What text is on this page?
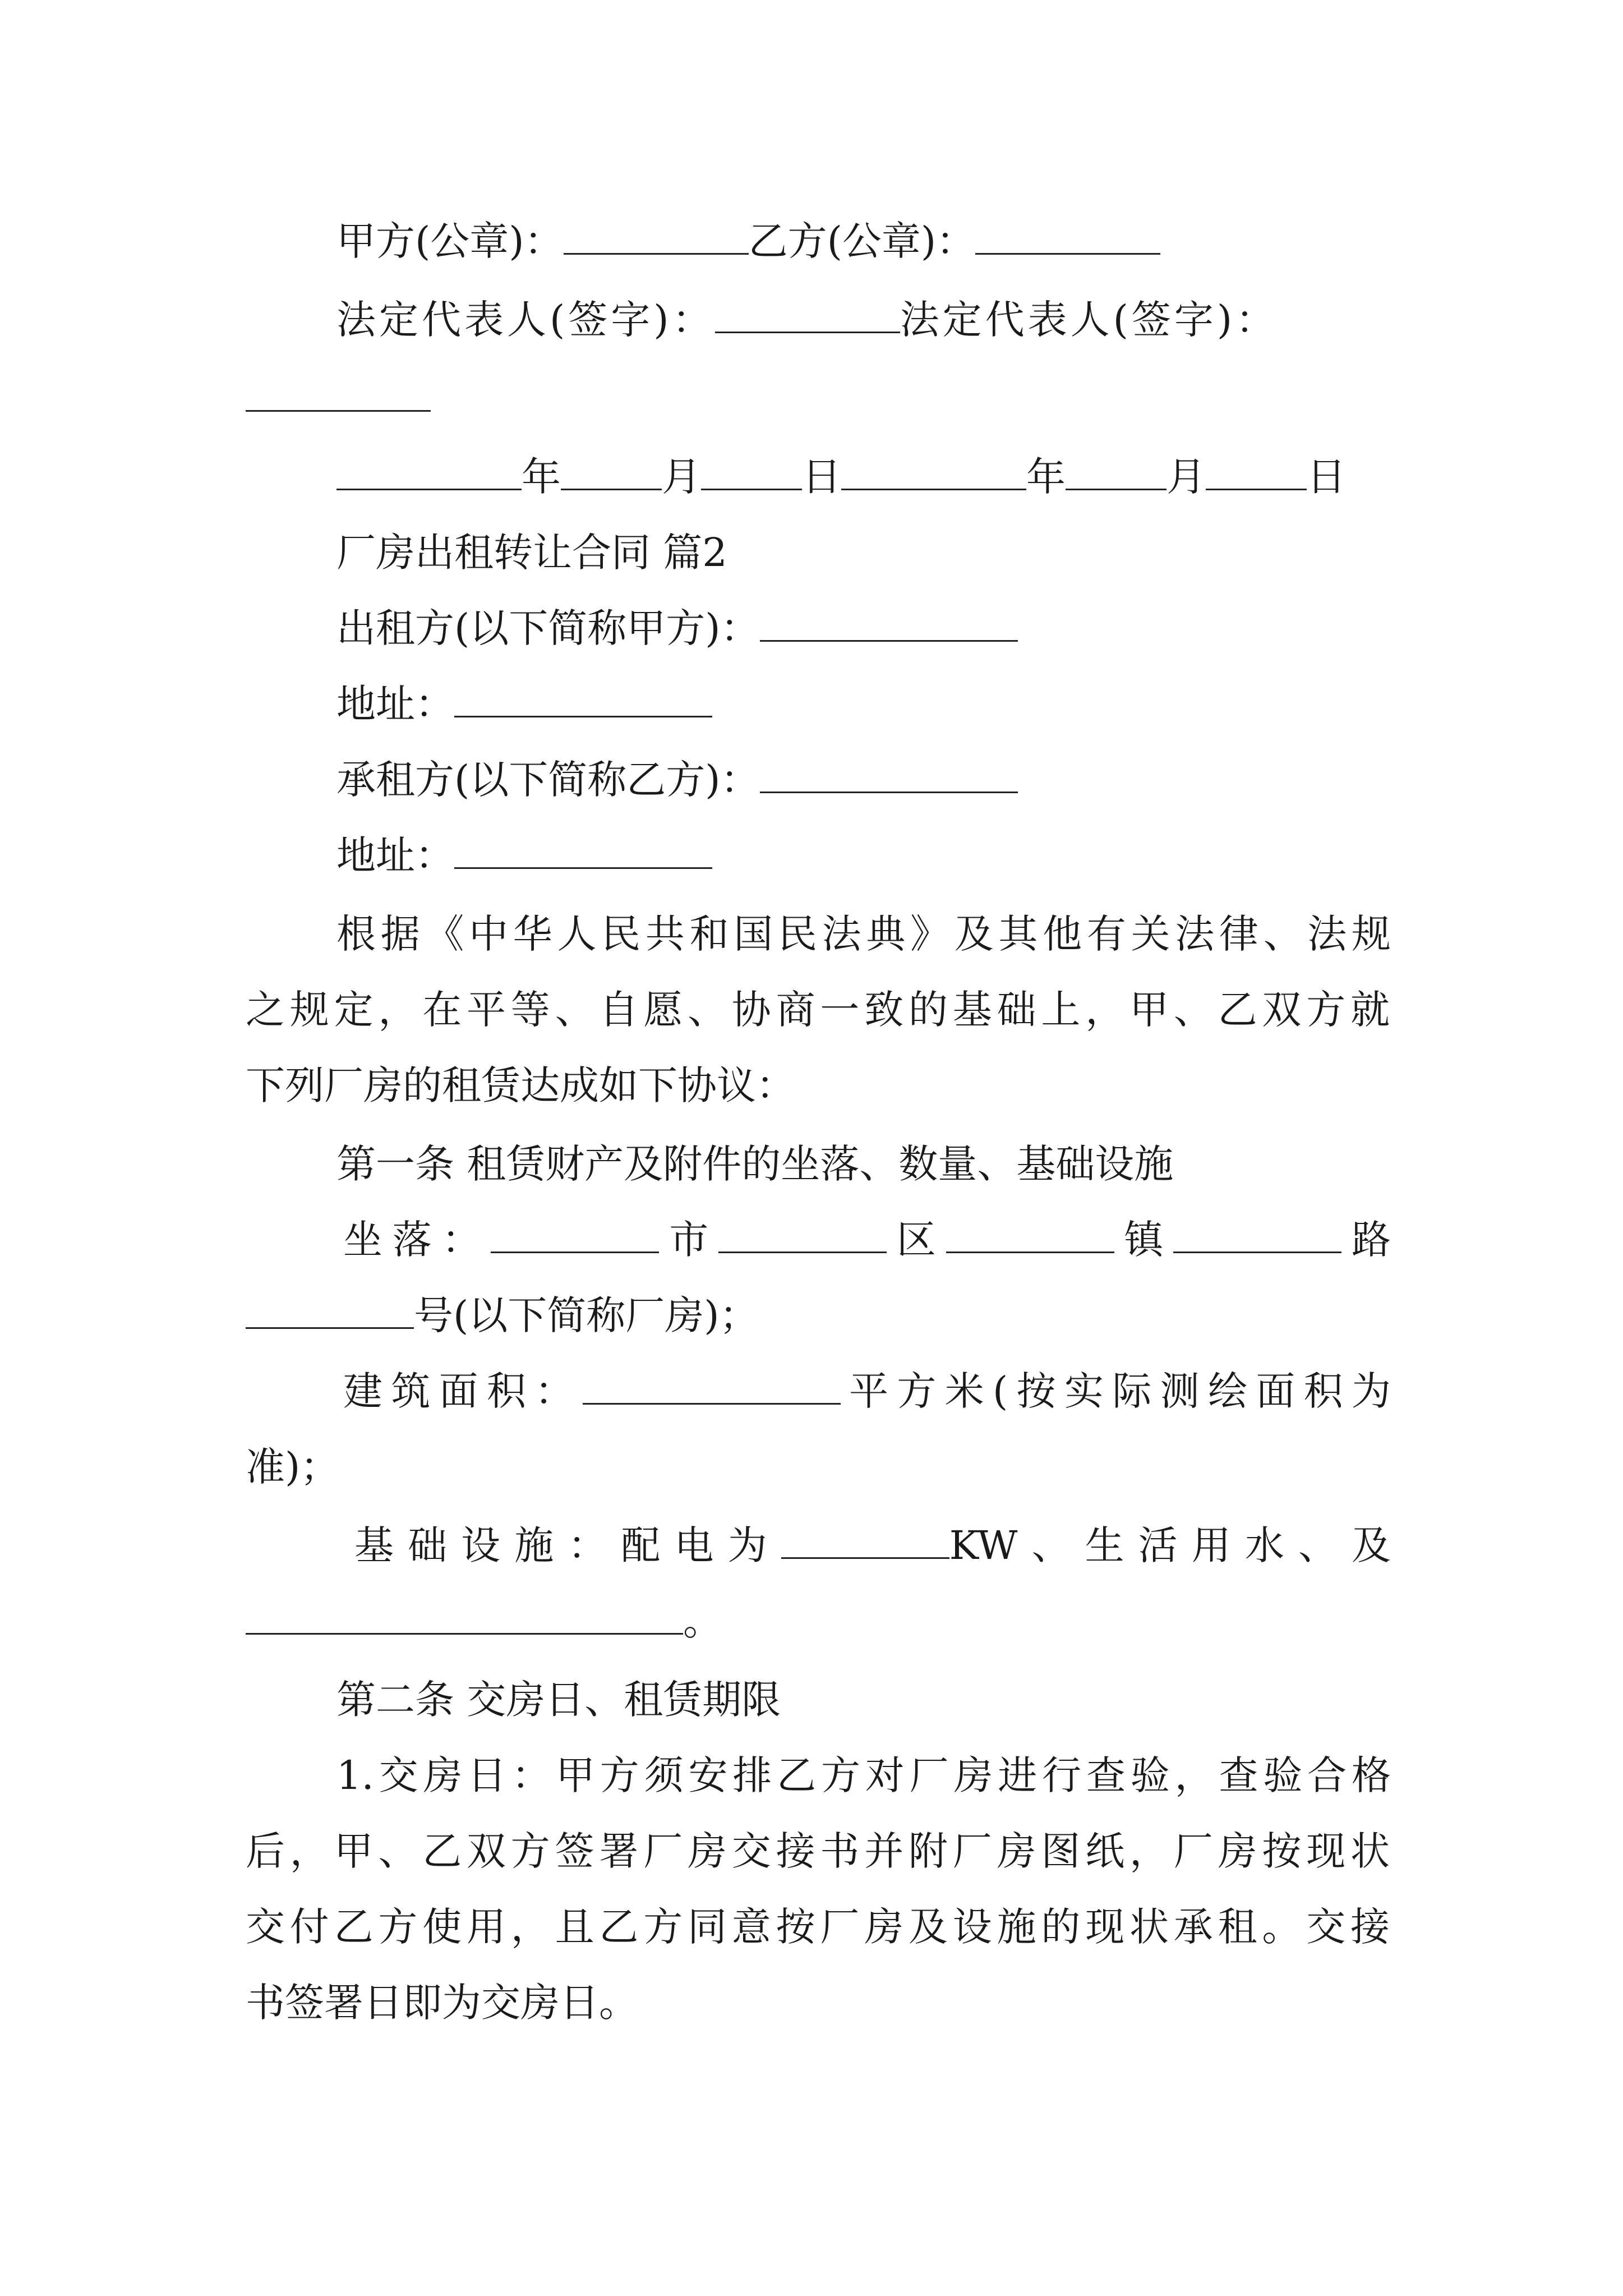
甲方(公章)：	乙方(公章)：
法定代表人(签字)：	法定代表人(签字)：
年	月	日	年	月	日
厂房出租转让合同 篇2
出租方(以下简称甲方)：
地址：
承租方(以下简称乙方)：
地址：
根据《中华人民共和国民法典》及其他有关法律、法规
之规定，在平等、自愿、协商一致的基础上，甲、乙双方就
下列厂房的租赁达成如下协议：
第一条 租赁财产及附件的坐落、数量、基础设施
坐落：	市	区	镇	路
号(以下简称厂房)；
建筑面积：	平方米(按实际测绘面积为
准)；
基础设施：配电为	KW、生活用水、及
。
第二条 交房日、租赁期限
1.交房日：甲方须安排乙方对厂房进行查验，查验合格
后，甲、乙双方签署厂房交接书并附厂房图纸，厂房按现状
交付乙方使用，且乙方同意按厂房及设施的现状承租。交接
书签署日即为交房日。
